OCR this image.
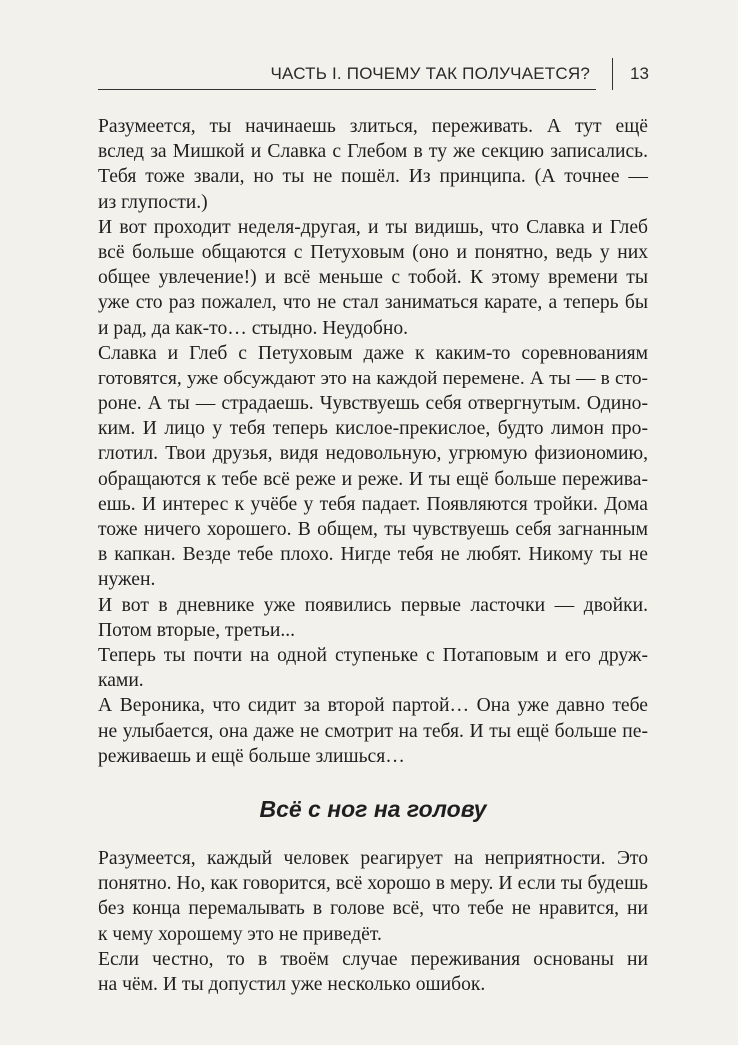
ЧАСТЬ I. ПОЧЕМУ ТАК ПОЛУЧАЕТСЯ? 13
Разумеется, ты начинаешь злиться, переживать. А тут ещё
вслед за Мишкой и Славка с Глебом в ту же секцию записались.
Тебя тоже звали, но ты не пошёл. Из принципа. (А точнее —
из глупости.)
И вот проходит неделя-другая, и ты видишь, что Славка и Глеб
всё больше общаются с Петуховым (оно и понятно, ведь у них
общее увлечение!) и всё меньше с тобой. К этому времени ты
уже сто раз пожалел, что не стал заниматься карате, а теперь бы
и рад, да как-то… стыдно. Неудобно.
Славка и Глеб с Петуховым даже к каким-то соревнованиям
готовятся, уже обсуждают это на каждой перемене. А ты — в сто-
роне. А ты — страдаешь. Чувствуешь себя отвергнутым. Одино-
ким. И лицо у тебя теперь кислое-прекислое, будто лимон про-
глотил. Твои друзья, видя недовольную, угрюмую физиономию,
обращаются к тебе всё реже и реже. И ты ещё больше пережива-
ешь. И интерес к учёбе у тебя падает. Появляются тройки. Дома
тоже ничего хорошего. В общем, ты чувствуешь себя загнанным
в капкан. Везде тебе плохо. Нигде тебя не любят. Никому ты не
нужен.
И вот в дневнике уже появились первые ласточки — двойки.
Потом вторые, третьи...
Теперь ты почти на одной ступеньке с Потаповым и его друж-
ками.
А Вероника, что сидит за второй партой… Она уже давно тебе
не улыбается, она даже не смотрит на тебя. И ты ещё больше пе-
реживаешь и ещё больше злишься…
Всё с ног на голову
Разумеется, каждый человек реагирует на неприятности. Это
понятно. Но, как говорится, всё хорошо в меру. И если ты будешь
без конца перемалывать в голове всё, что тебе не нравится, ни
к чему хорошему это не приведёт.
Если честно, то в твоём случае переживания основаны ни
на чём. И ты допустил уже несколько ошибок.
